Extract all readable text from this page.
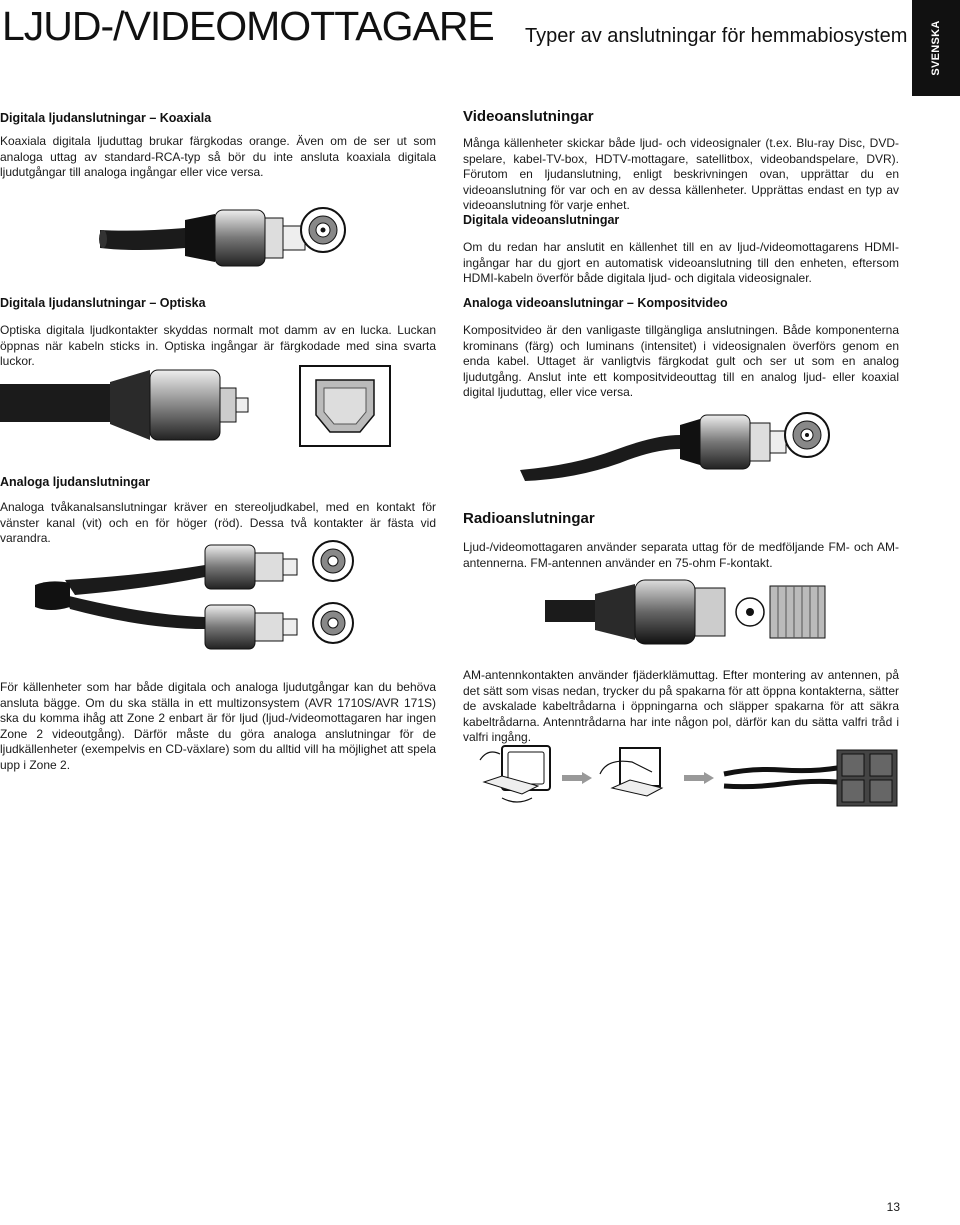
LJUD-/VIDEOMOTTAGARE Typer av anslutningar för hemmabiosystem SVENSKA

Digitala ljudanslutningar – Koaxiala

Koaxiala digitala ljuduttag brukar färgkodas orange. Även om de ser ut som analoga uttag av standard-RCA-typ så bör du inte ansluta koaxiala digitala ljudutgångar till analoga ingångar eller vice versa.

Digitala ljudanslutningar – Optiska

Optiska digitala ljudkontakter skyddas normalt mot damm av en lucka. Luckan öppnas när kabeln sticks in. Optiska ingångar är färgkodade med sina svarta luckor.

Analoga ljudanslutningar

Analoga tvåkanalsanslutningar kräver en stereoljudkabel, med en kontakt för vänster kanal (vit) och en för höger (röd). Dessa två kontakter är fästa vid varandra.

För källenheter som har både digitala och analoga ljudutgångar kan du behöva ansluta bägge. Om du ska ställa in ett multizonsystem (AVR 1710S/AVR 171S) ska du komma ihåg att Zone 2 enbart är för ljud (ljud-/videomottagaren har ingen Zone 2 videoutgång). Därför måste du göra analoga anslutningar för de ljudkällenheter (exempelvis en CD-växlare) som du alltid vill ha möjlighet att spela upp i Zone 2.

Videoanslutningar

Många källenheter skickar både ljud- och videosignaler (t.ex. Blu-ray Disc, DVD-spelare, kabel-TV-box, HDTV-mottagare, satellitbox, videobandspelare, DVR). Förutom en ljudanslutning, enligt beskrivningen ovan, upprättar du en videoanslutning för var och en av dessa källenheter. Upprättas endast en typ av videoanslutning för varje enhet.

Digitala videoanslutningar

Om du redan har anslutit en källenhet till en av ljud-/videomottagarens HDMI-ingångar har du gjort en automatisk videoanslutning till den enheten, eftersom HDMI-kabeln överför både digitala ljud- och digitala videosignaler.

Analoga videoanslutningar – Kompositvideo

Kompositvideo är den vanligaste tillgängliga anslutningen. Både komponenterna krominans (färg) och luminans (intensitet) i videosignalen överförs genom en enda kabel. Uttaget är vanligtvis färgkodat gult och ser ut som en analog ljudutgång. Anslut inte ett kompositvideouttag till en analog ljud- eller koaxial digital ljuduttag, eller vice versa.

Radioanslutningar

Ljud-/videomottagaren använder separata uttag för de medföljande FM- och AM-antennerna. FM-antennen använder en 75-ohm F-kontakt.

AM-antennkontakten använder fjäderklämuttag. Efter montering av antennen, på det sätt som visas nedan, trycker du på spakarna för att öppna kontakterna, sätter de avskalade kabeltrådarna i öppningarna och släpper spakarna för att säkra kabeltrådarna. Antenntrådarna har inte någon pol, därför kan du sätta valfri tråd i valfri ingång.

13
